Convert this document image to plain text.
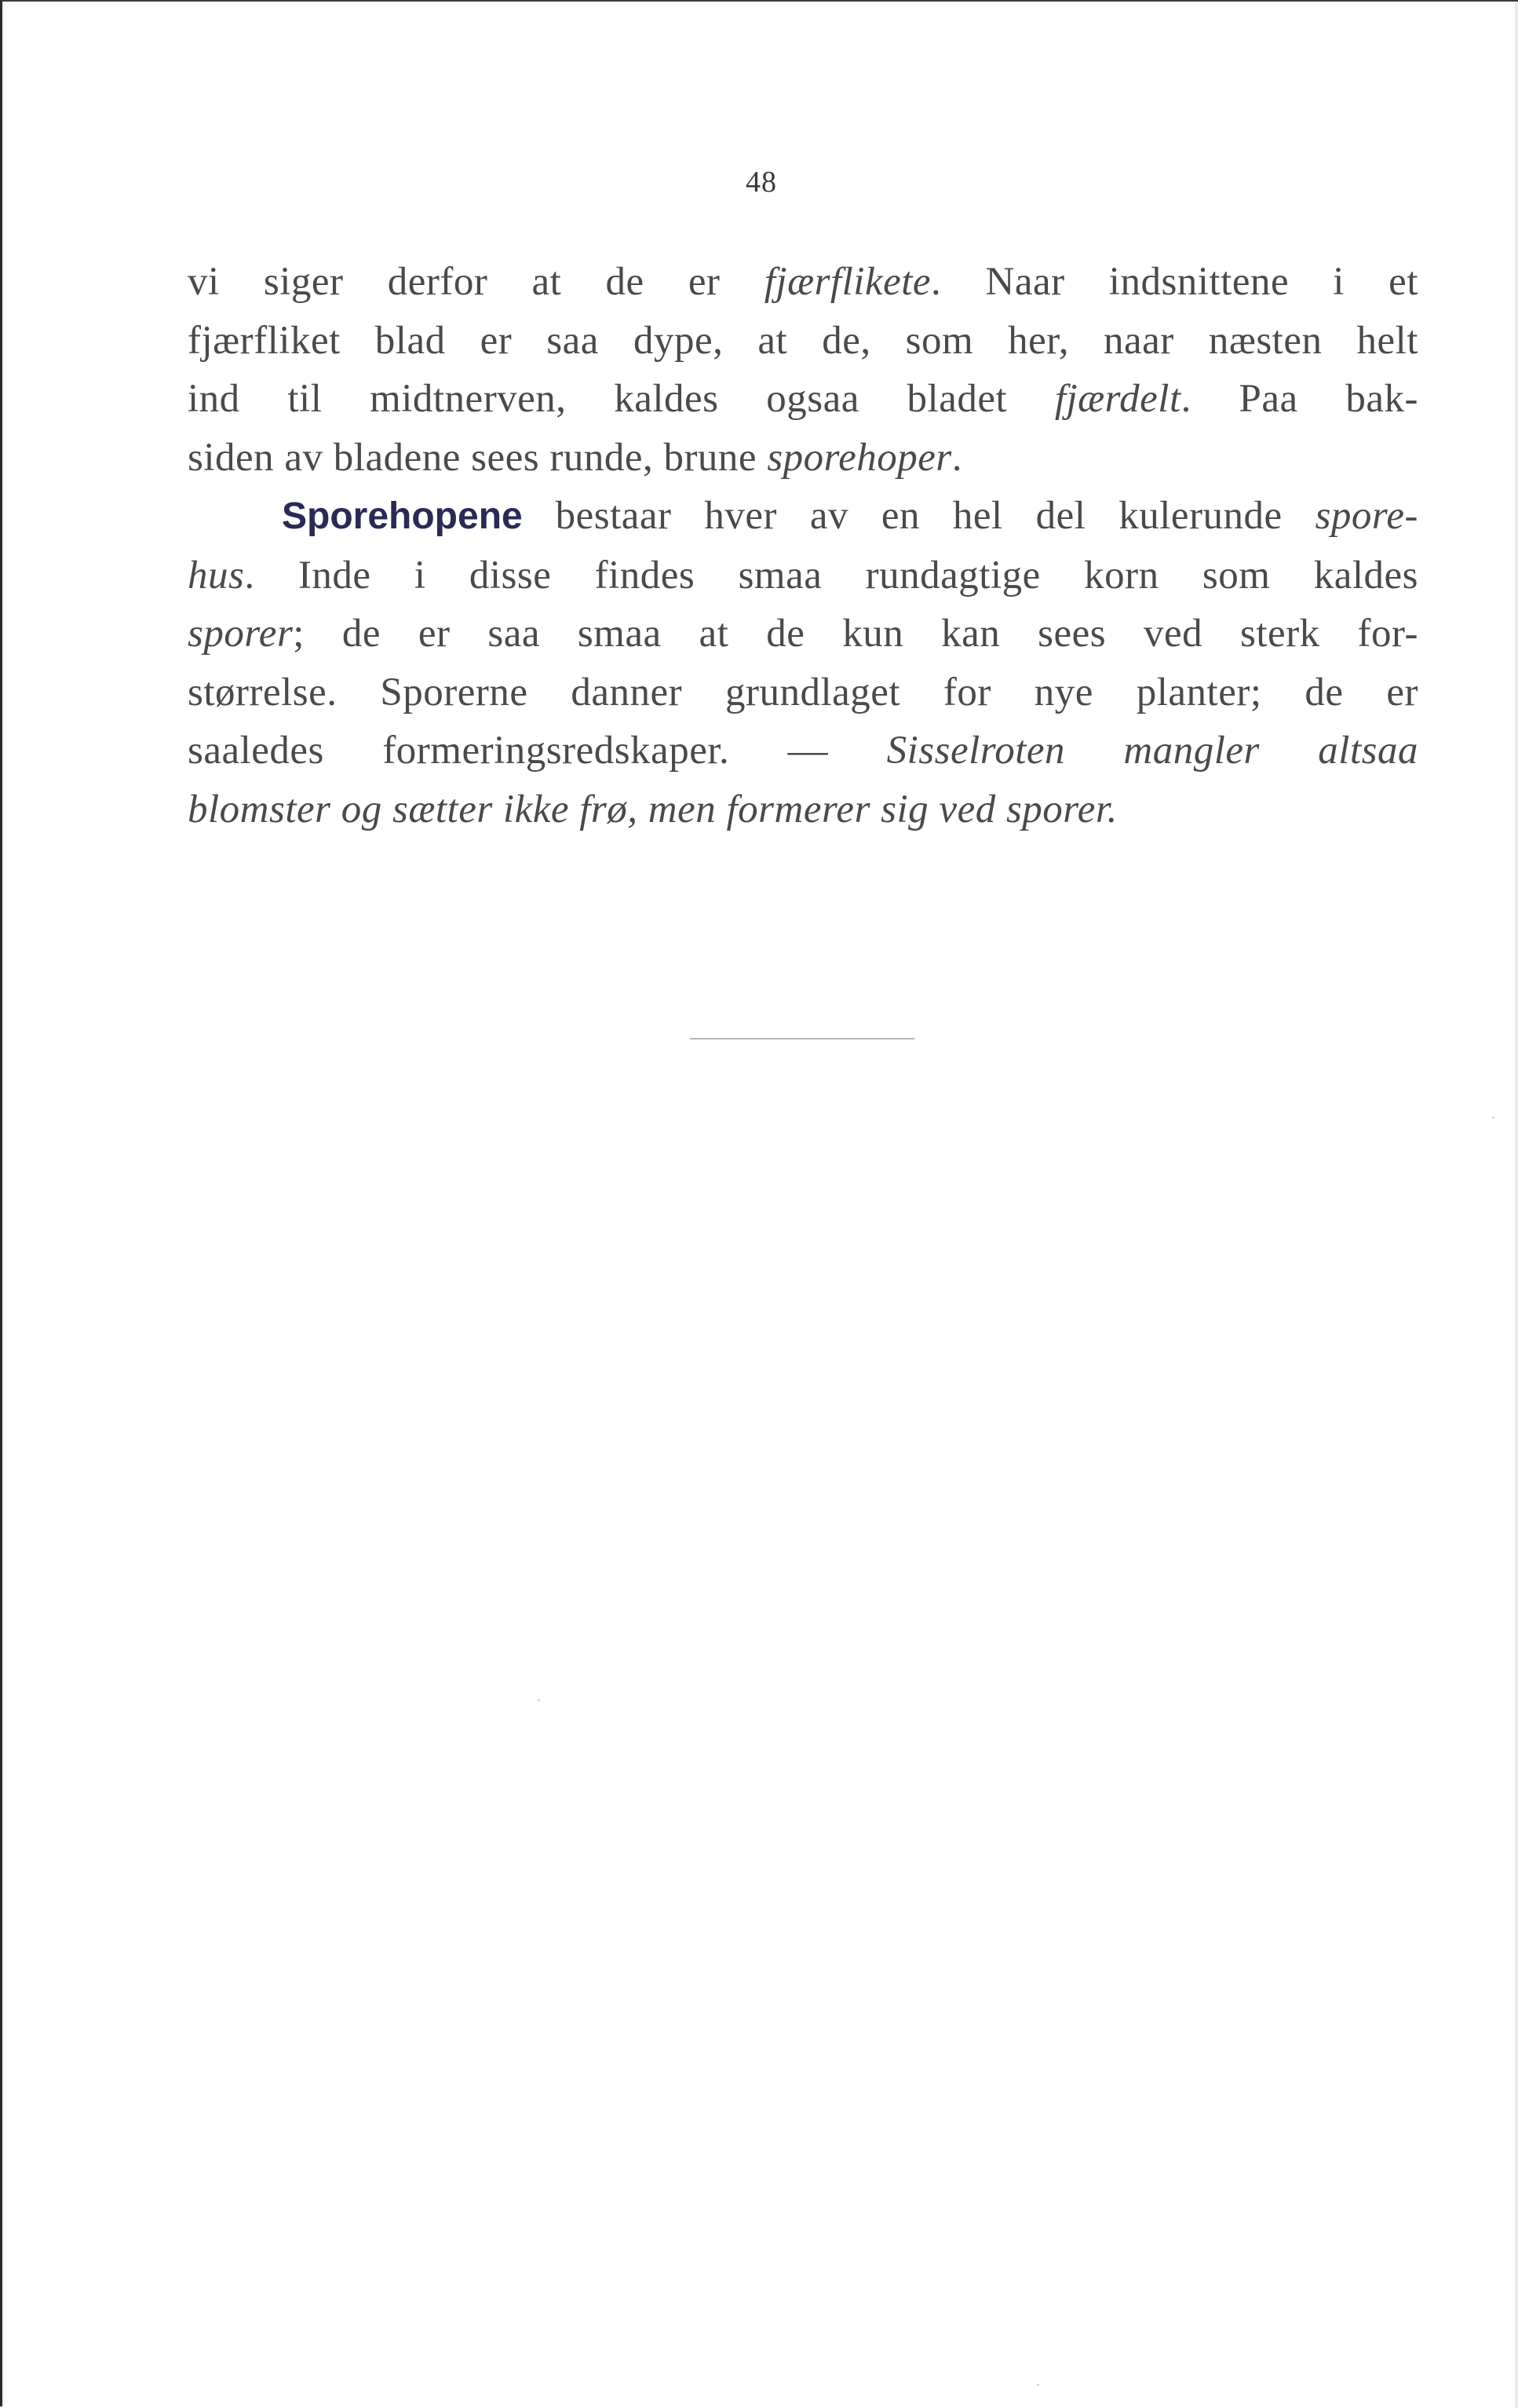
48
vi siger derfor at de er fjærflikete. Naar indsnittene i et
fjærfliket blad er saa dype, at de, som her, naar næsten helt
ind til midtnerven, kaldes ogsaa bladet fjærdelt. Paa bak-
siden av bladene sees runde, brune sporehoper.
Sporehopene bestaar hver av en hel del kulerunde spore-
hus. Inde i disse findes smaa rundagtige korn som kaldes
sporer; de er saa smaa at de kun kan sees ved sterk for-
størrelse. Sporerne danner grundlaget for nye planter; de er
saaledes formeringsredskaper. — Sisselroten mangler altsaa
blomster og sætter ikke frø, men formerer sig ved sporer.
